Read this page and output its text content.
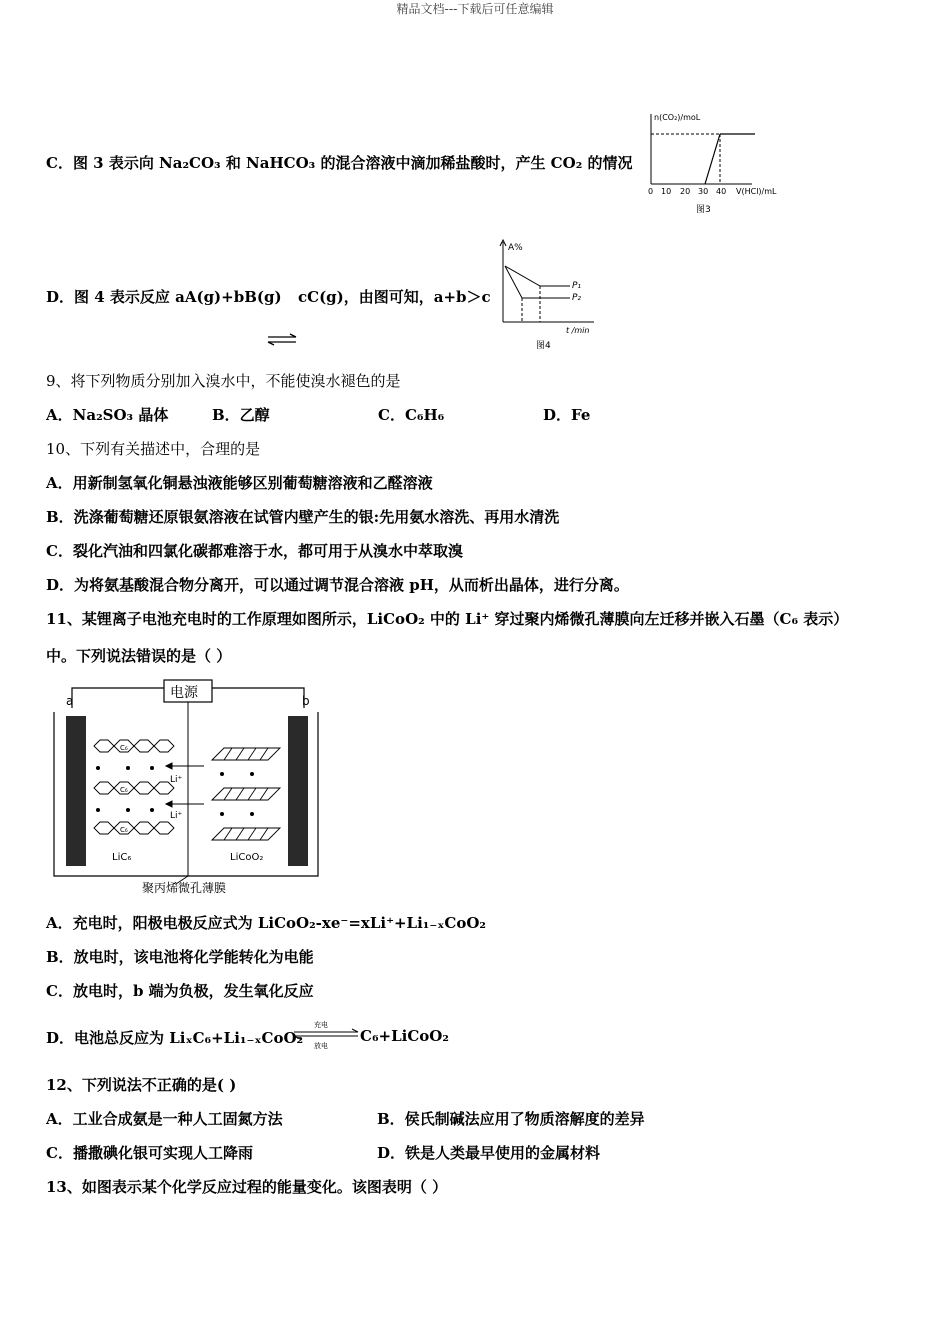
精品文档---下载后可任意编辑
C．图 3 表示向 Na₂CO₃ 和 NaHCO₃ 的混合溶液中滴加稀盐酸时，产生 CO₂ 的情况
n(CO₂)/moL
0 10 20 30 40 V(HCl)/mL
图3
D．图 4 表示反应 aA(g)+bB(g) cC(g)，由图可知，a+b＞c
A%
P₁
P₂
t /min
图4
9、将下列物质分别加入溴水中，不能使溴水褪色的是
A．Na₂SO₃ 晶体	B．乙醇	C．C₆H₆	D．Fe
10、下列有关描述中，合理的是
A．用新制氢氧化铜悬浊液能够区别葡萄糖溶液和乙醛溶液
B．洗涤葡萄糖还原银氨溶液在试管内壁产生的银:先用氨水溶洗、再用水清洗
C．裂化汽油和四氯化碳都难溶于水，都可用于从溴水中萃取溴
D．为将氨基酸混合物分离开，可以通过调节混合溶液 pH，从而析出晶体，进行分离。
11、某锂离子电池充电时的工作原理如图所示，LiCoO₂ 中的 Li⁺ 穿过聚内烯微孔薄膜向左迁移并嵌入石墨（C₆ 表示）
中。下列说法错误的是（ ）
电源
a	b
C₆
C₆
C₆
Li⁺
Li⁺
LiC₆	LiCoO₂
聚丙烯微孔薄膜
A．充电时，阳极电极反应式为 LiCoO₂-xe⁻=xLi⁺+Li₁₋ₓCoO₂
B．放电时，该电池将化学能转化为电能
C．放电时，b 端为负极，发生氧化反应
D．电池总反应为 LiₓC₆+Li₁₋ₓCoO₂
充电
放电
C₆+LiCoO₂
12、下列说法不正确的是( )
A．工业合成氨是一种人工固氮方法	B．侯氏制碱法应用了物质溶解度的差异
C．播撒碘化银可实现人工降雨	D．铁是人类最早使用的金属材料
13、如图表示某个化学反应过程的能量变化。该图表明（ ）
